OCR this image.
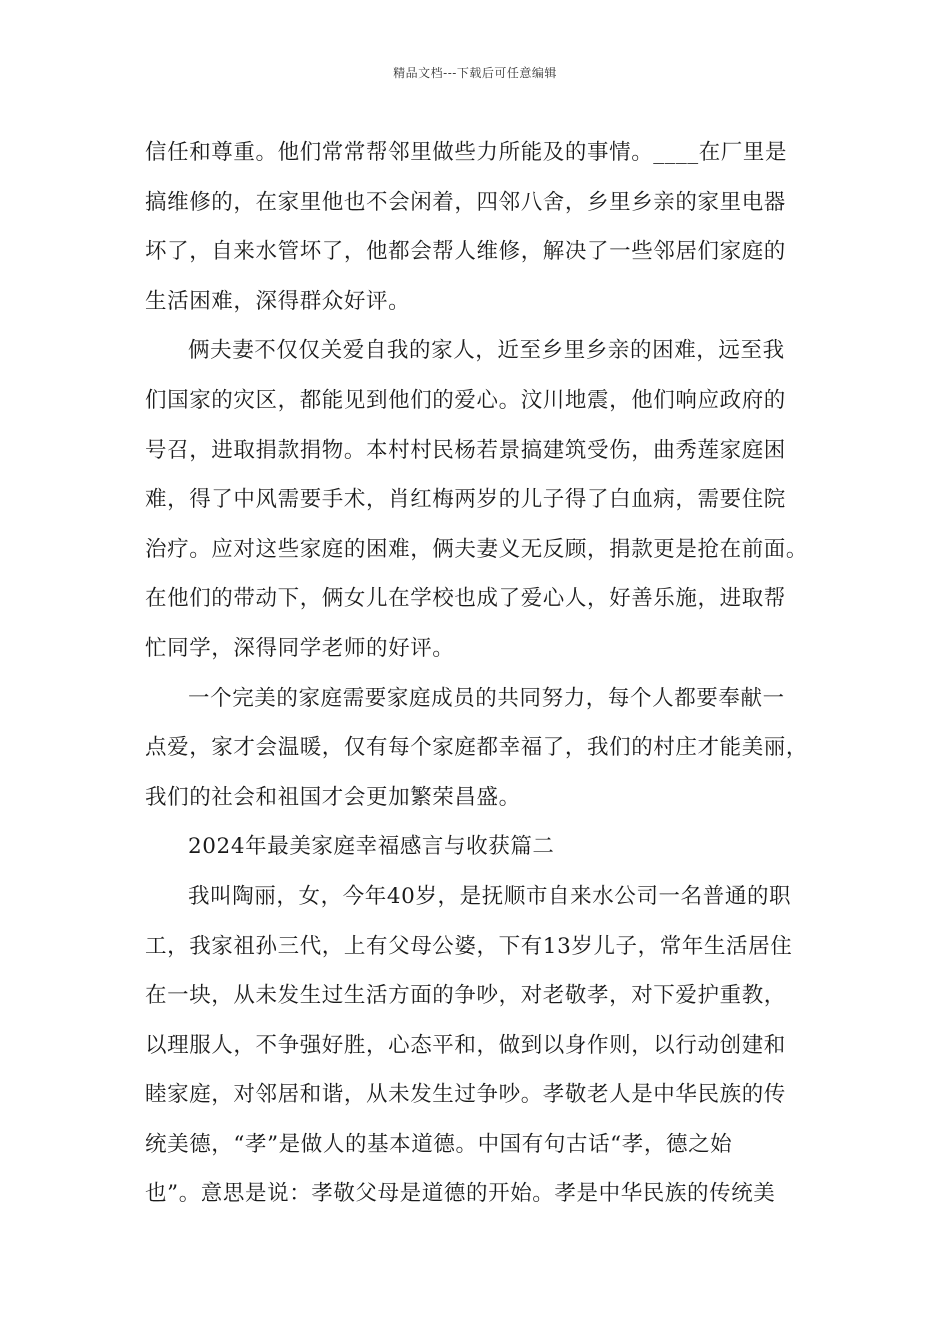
精品文档---下载后可任意编辑
信任和尊重。他们常常帮邻里做些力所能及的事情。____在厂里是
搞维修的，在家里他也不会闲着，四邻八舍，乡里乡亲的家里电器
坏了，自来水管坏了，他都会帮人维修，解决了一些邻居们家庭的
生活困难，深得群众好评。
俩夫妻不仅仅关爱自我的家人，近至乡里乡亲的困难，远至我
们国家的灾区，都能见到他们的爱心。汶川地震，他们响应政府的
号召，进取捐款捐物。本村村民杨若景搞建筑受伤，曲秀莲家庭困
难，得了中风需要手术，肖红梅两岁的儿子得了白血病，需要住院
治疗。应对这些家庭的困难，俩夫妻义无反顾，捐款更是抢在前面。
在他们的带动下，俩女儿在学校也成了爱心人，好善乐施，进取帮
忙同学，深得同学老师的好评。
一个完美的家庭需要家庭成员的共同努力，每个人都要奉献一
点爱，家才会温暖，仅有每个家庭都幸福了，我们的村庄才能美丽，
我们的社会和祖国才会更加繁荣昌盛。
2024年最美家庭幸福感言与收获篇二
我叫陶丽，女，今年40岁，是抚顺市自来水公司一名普通的职
工，我家祖孙三代，上有父母公婆，下有13岁儿子，常年生活居住
在一块，从未发生过生活方面的争吵，对老敬孝，对下爱护重教，
以理服人，不争强好胜，心态平和，做到以身作则，以行动创建和
睦家庭，对邻居和谐，从未发生过争吵。孝敬老人是中华民族的传
统美德，“孝”是做人的基本道德。中国有句古话“孝，德之始
也”。意思是说：孝敬父母是道德的开始。孝是中华民族的传统美
